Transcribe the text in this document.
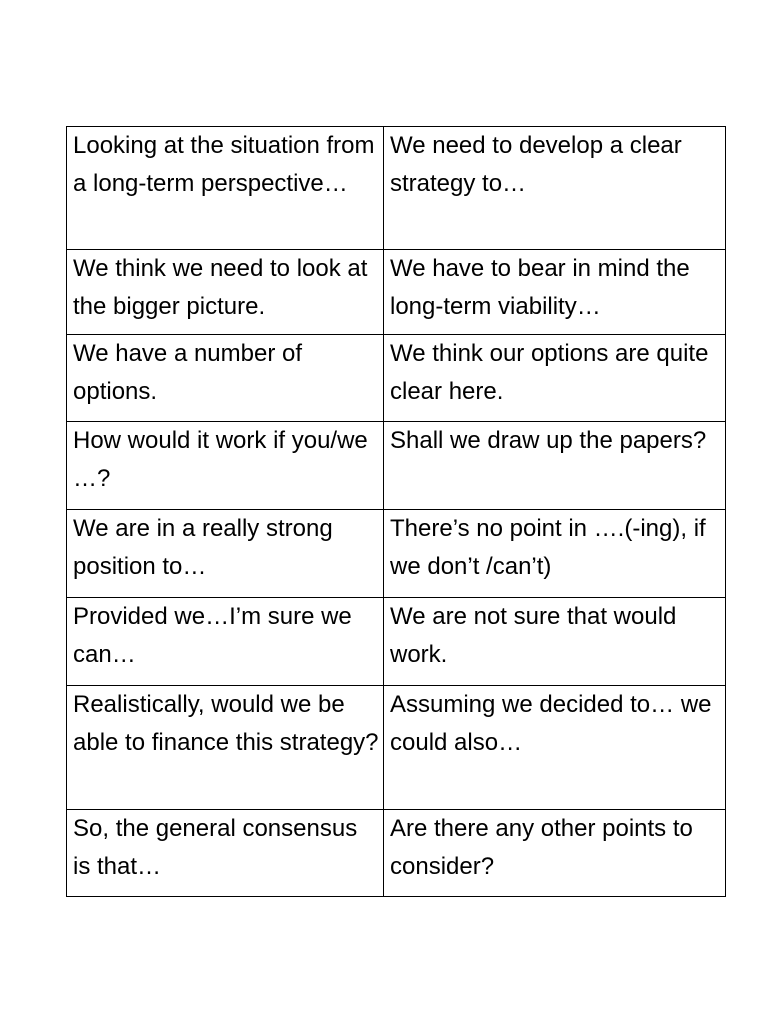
Looking at the situation from a long-term perspective…	We need to develop a clear strategy to…

We think we need to look at the bigger picture.	We have to bear in mind the long-term viability…

We have a number of options.	We think our options are quite clear here.

How would it work if you/we …?	Shall we draw up the papers?

We are in a really strong position to…	There’s no point in ….(-ing), if we don’t /can’t)

Provided we…I’m sure we can…	We are not sure that would work.

Realistically, would we be able to finance this strategy?	Assuming we decided to… we could also…

So, the general consensus is that…	Are there any other points to consider?
